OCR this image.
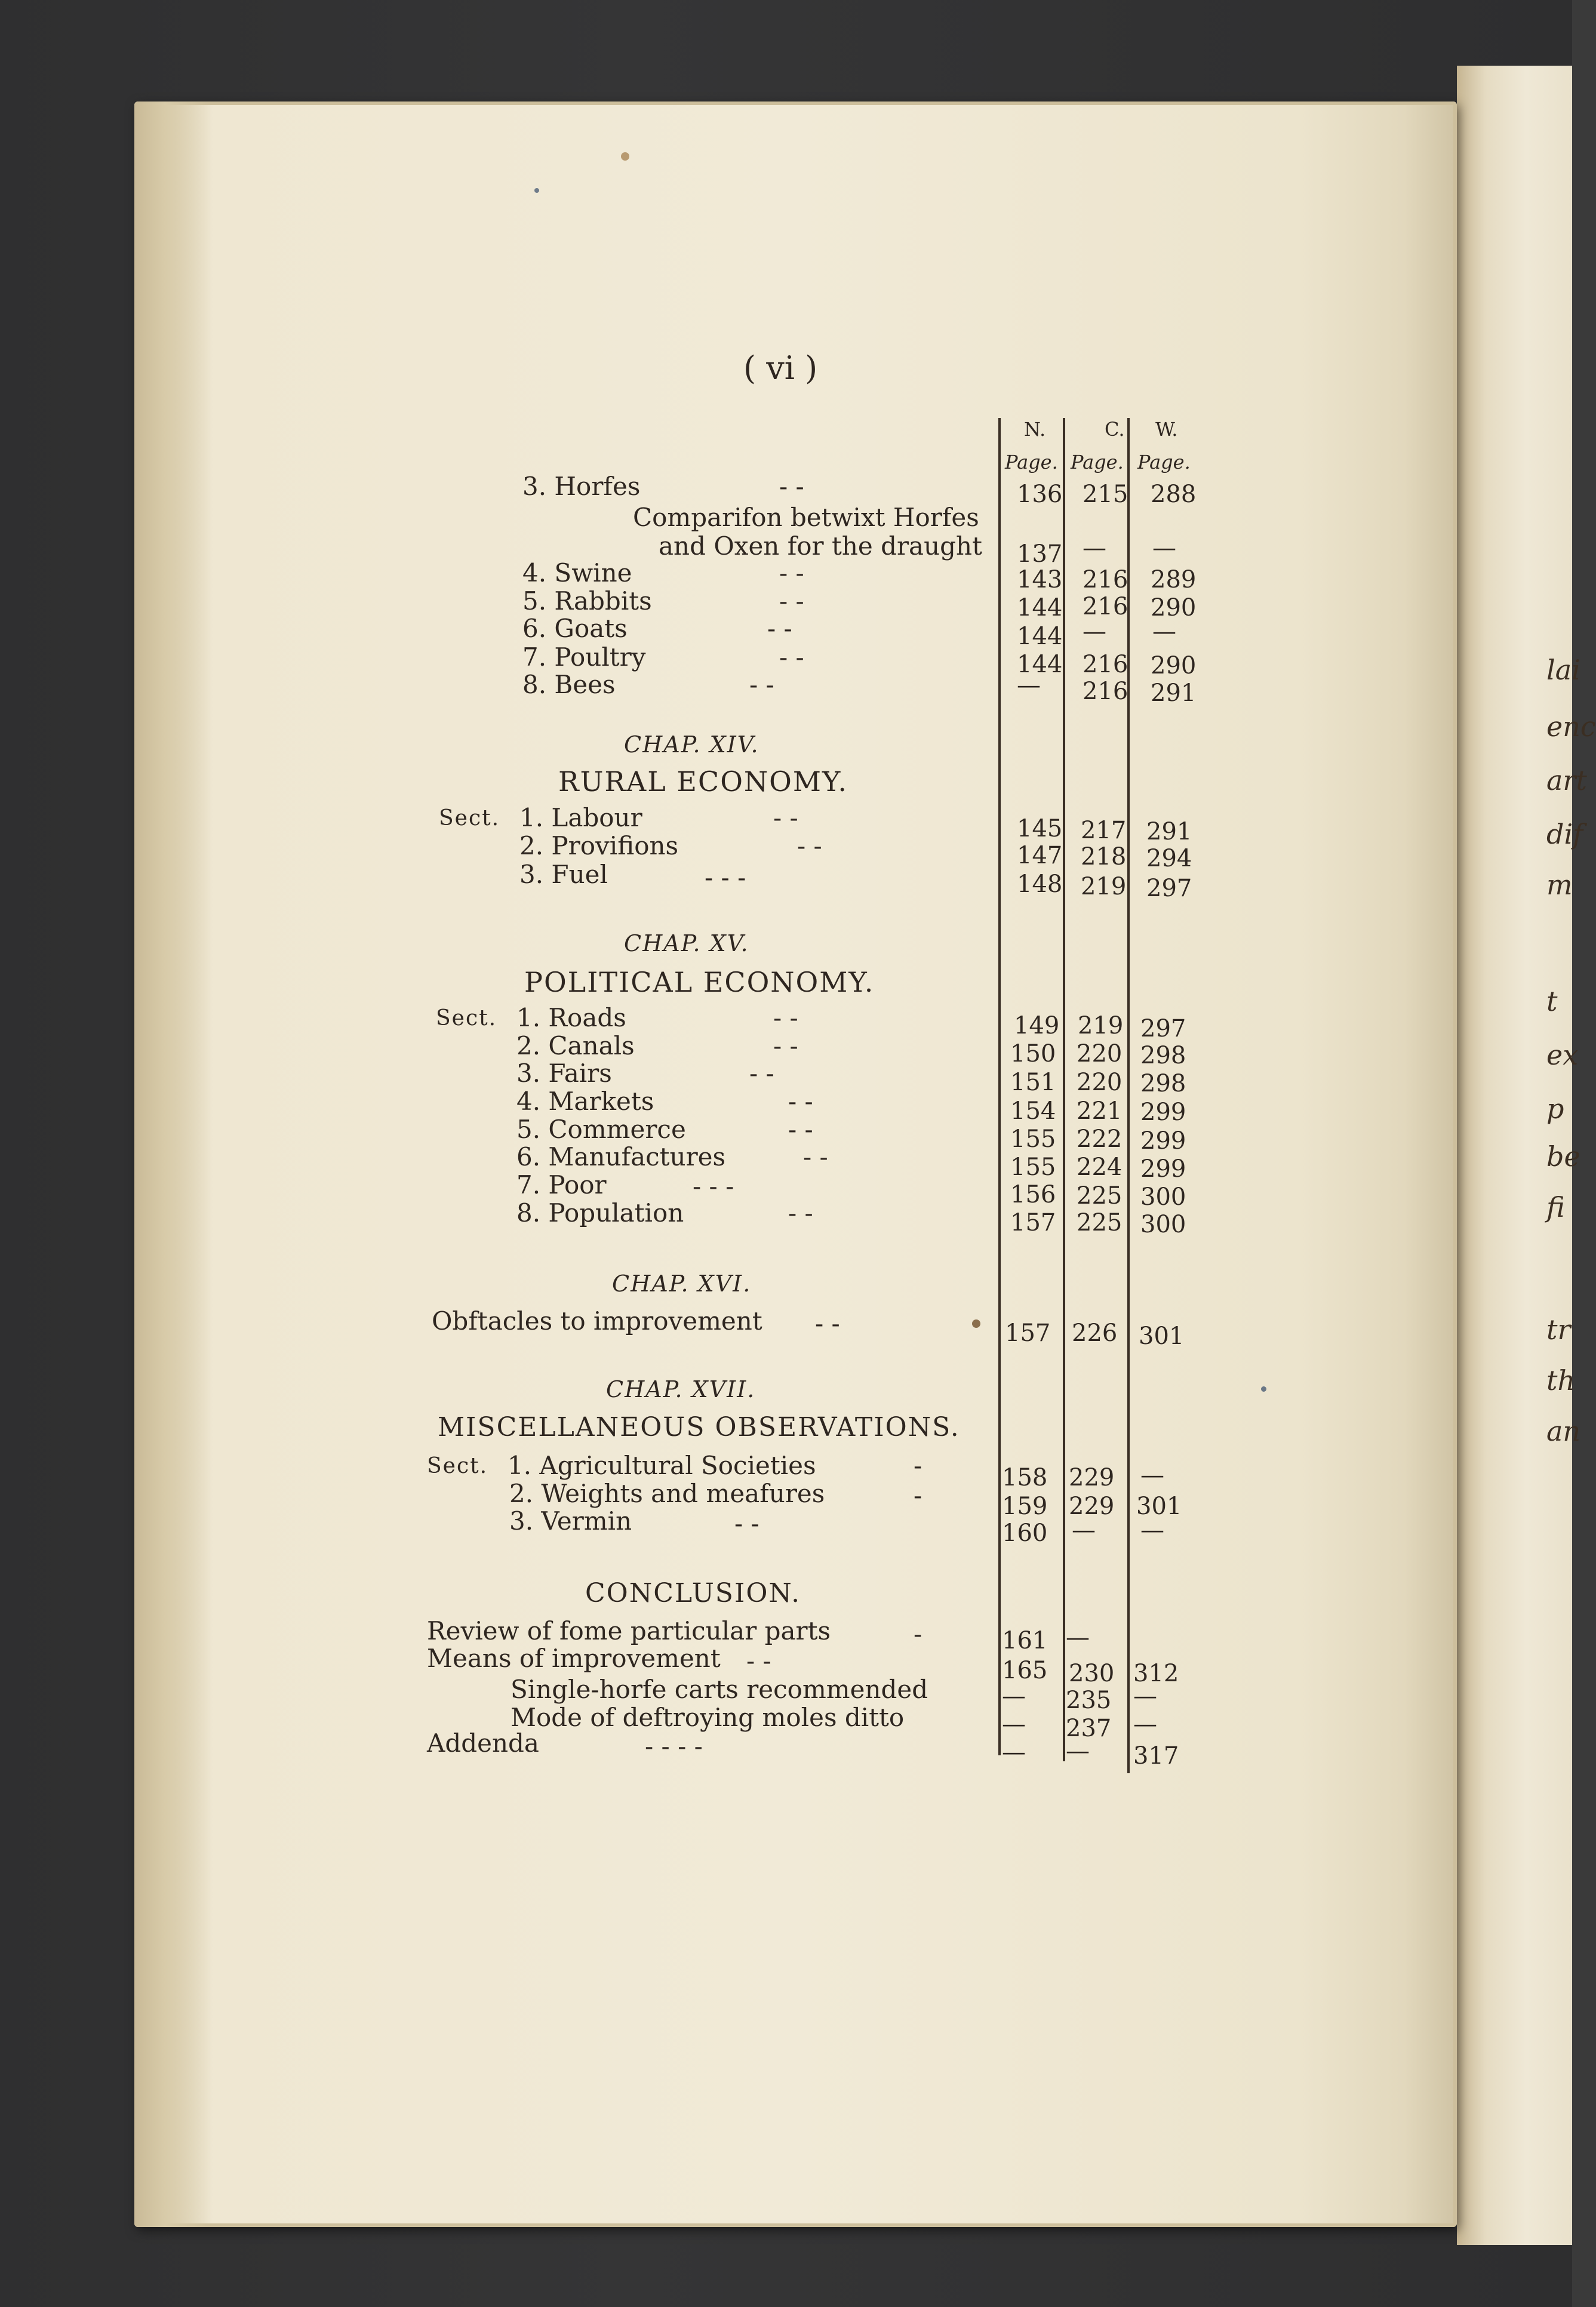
lai
enc
art
dif
m
t
ex
p
be
fi
tr
th
an
( vi )
N.	C. W.
Page. Page. Page.
3. Horfes	- -	136 215 288
Comparifon betwixt Horfes
and Oxen for the draught 137 — —
4. Swine	- -	143 216 289
5. Rabbits	- -	144 216 290
6. Goats	- -	144 — —
7. Poultry	- -	144 216 290
8. Bees	- -	— 216 291
CHAP. XIV.
RURAL ECONOMY.
Sect. 1. Labour	- -	145 217 291
2. Provifions	- -	147 218 294
3. Fuel	- - -	148 219 297
CHAP. XV.
POLITICAL ECONOMY.
Sect. 1. Roads	- -	149 219 297
2. Canals	- -	150 220 298
3. Fairs	- -	151 220 298
4. Markets	- -	154 221 299
5. Commerce	- -	155 222 299
6. Manufactures	- -	155 224 299
7. Poor	- - -	156 225 300
8. Population	- -	157 225 300
CHAP. XVI.
Obftacles to improvement - -	157 226 301
CHAP. XVII.
MISCELLANEOUS OBSERVATIONS.
Sect. 1. Agricultural Societies	-	158 229 —
2. Weights and meafures	-	159 229 301
3. Vermin	- -	160 — —
CONCLUSION.
Review of fome particular parts	-	161 —
Means of improvement - -	165 230 312
Single-horfe carts recommended	— 235 —
Mode of deftroying moles ditto	— 237 —
Addenda	- - - -	— — 317
